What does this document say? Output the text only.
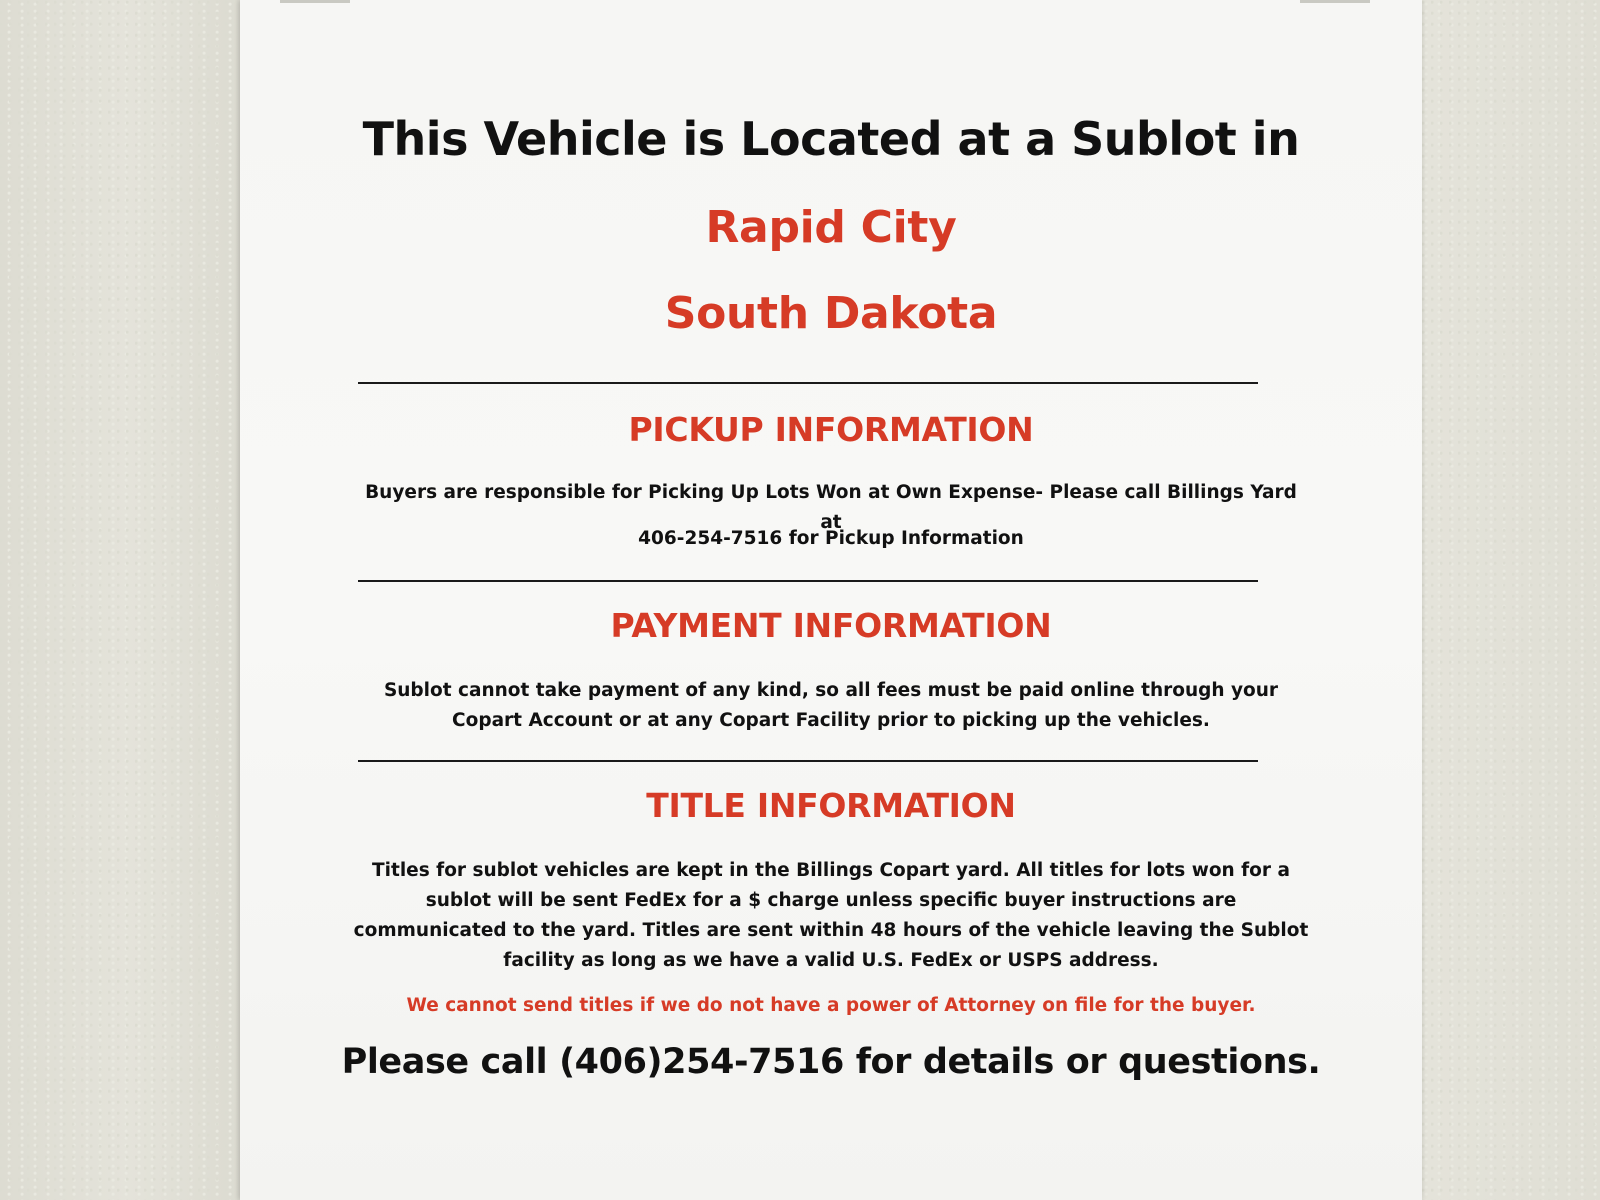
This Vehicle is Located at a Sublot in

Rapid City

South Dakota

PICKUP INFORMATION

Buyers are responsible for Picking Up Lots Won at Own Expense- Please call Billings Yard at

406-254-7516 for Pickup Information

PAYMENT INFORMATION

Sublot cannot take payment of any kind, so all fees must be paid online through your Copart Account or at any Copart Facility prior to picking up the vehicles.

TITLE INFORMATION

Titles for sublot vehicles are kept in the Billings Copart yard. All titles for lots won for a sublot will be sent FedEx for a $ charge unless specific buyer instructions are communicated to the yard. Titles are sent within 48 hours of the vehicle leaving the Sublot facility as long as we have a valid U.S. FedEx or USPS address.

We cannot send titles if we do not have a power of Attorney on file for the buyer.

Please call (406)254-7516 for details or questions.
